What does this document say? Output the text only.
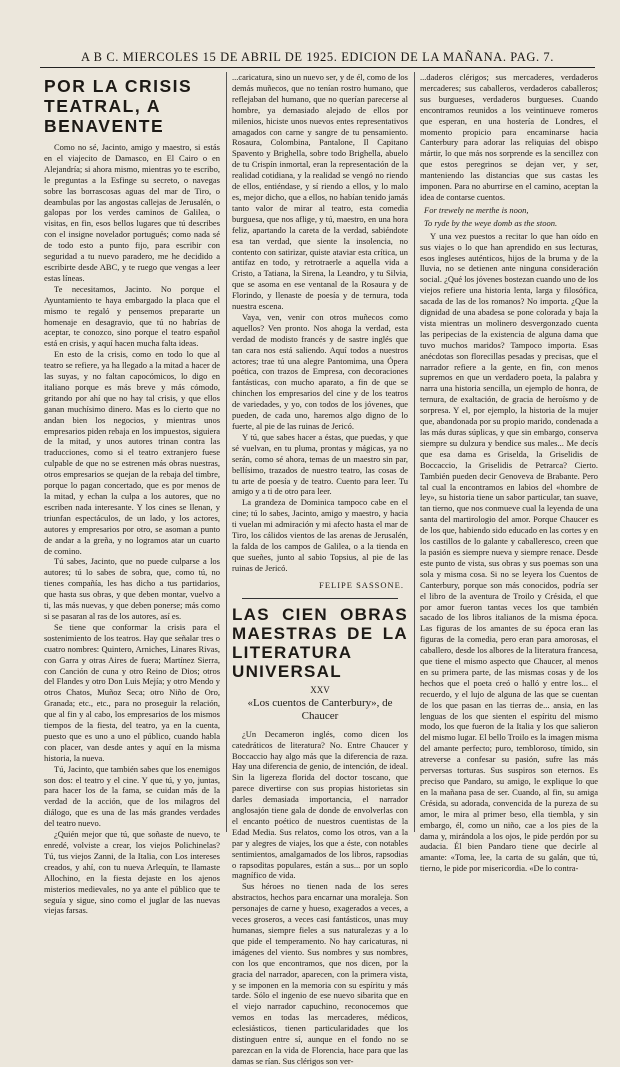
A B C. MIERCOLES 15 DE ABRIL DE 1925. EDICION DE LA MAÑANA. PAG. 7.
POR LA CRISIS TEATRAL, A BENAVENTE

Como no sé, Jacinto, amigo y maestro, si estás en el viajecito de Damasco, en El Cairo o en Alejandría; si ahora mismo, mientras yo te escribo, le preguntas a la Esfinge su secreto, o navegas sobre las borrascosas aguas del mar de Tiro, o deambulas por las angostas callejas de Jerusalén, o galopas por los verdes caminos de Galilea, o visitas, en fin, esos bellos lugares que tú describes con el insigne novelador portugués; como nada sé de todo esto a punto fijo, para escribir con seguridad a tu nuevo paradero, me he decidido a escribirte desde ABC, y te ruego que vengas a leer estas líneas.

Te necesitamos, Jacinto. No porque el Ayuntamiento te haya embargado la placa que el mismo te regaló y pensemos prepararte un homenaje en desagravio, que tú no habrías de aceptar, te conozco, sino porque el teatro español está en crisis, y aquí hacen mucha falta ideas.

En esto de la crisis, como en todo lo que al teatro se refiere, ya ha llegado a la mitad a hacer de las suyas, y no faltan capocómicos, lo digo en italiano porque es más breve y más cómodo, gritando por ahí que no hay tal crisis, y que ellos ganan muchísimo dinero. Mas es lo cierto que no andan bien los negocios, y mientras unos empresarios piden rebaja en los impuestos, siguiera de la mitad, y unos autores trinan contra las traducciones, como si el teatro extranjero fuese culpable de que no se estrenen más obras nuestras, otros empresarios se quejan de la rebaja del timbre, porque lo pagan concertado, que es por menos de la mitad, y echan la culpa a los autores, que no escriben nada interesante. Y los cines se llenan, y triunfan espectáculos, de un lado, y los actores, autores y empresarios por otro, se asoman a punto de andar a la greña, y no logramos atar un cuarto de comino.

Tú sabes, Jacinto, que no puede culparse a los autores; tú lo sabes de sobra, que, como tú, no tienes compañía, les has dicho a tus partidarios, que hasta sus obras, y que deben montar, vuelvo a ti, las más nuevas, y que deben ponerse; más como si se pasaran al ras de los autores, así es.

Se tiene que conformar la crisis para el sostenimiento de los teatros. Hay que señalar tres o cuatro nombres: Quintero, Arniches, Linares Rivas, con Garra y otras Aires de fuera; Martínez Sierra, con Canción de cuna y otro Reino de Dios; otros del Flandes y otro Don Luis Mejía; y otro Mendo y otros Chatos, Muñoz Seca; otro Niño de Oro, Granada; etc., etc., para no proseguir la relación, que al fin y al cabo, los empresarios de los mismos tiempos de la fiesta, del teatro, ya en la cuenta, puesto que es uno a uno el público, cuando habla con placer, van desde antes y aquí en la misma historia, la nueva.

Tú, Jacinto, que también sabes que los enemigos son dos: el teatro y el cine. Y que tú, y yo, juntas, para hacer los de la fama, se cuidan más de la verdad de la acción, que de los milagros del diálogo, que es una de las más grandes verdades del teatro nuevo.

¿Quién mejor que tú, que soñaste de nuevo, te enredé, volviste a crear, los viejos Polichinelas? Tú, tus viejos Zanni, de la Italia, con Los intereses creados, y ahí, con tu nueva Arlequín, te llamaste Allochino, en la fiesta dejaste en los ajenos misterios medievales, no ya ante el público que te seguía y sigue, sino como el juglar de las nuevas viejas farsas.

...caricatura, sino un nuevo ser, y de él, como de los demás muñecos, que no tenían rostro humano, que reflejaban del humano, que no querían parecerse al hombre, ya demasiado alejado de ellos por milenios, hiciste unos nuevos entes representativos amagados con carne y sangre de tu pensamiento. Rosaura, Colombina, Pantalone, Il Capitano Spavento y Brighella, sobre todo Brighella, abuelo de tu Crispín inmortal, eran la representación de la realidad cotidiana, y la realidad se vengó no riendo de ellos, entiéndase, y sí riendo a ellos, y lo malo es, mejor dicho, que a ellos, no habían tenido jamás tanto valor de mirar al teatro, esta comedia burguesa, que nos aflige, y tú, maestro, en una hora feliz, apartando la careta de la verdad, sabiéndote esa tan verdad, que siente la insolencia, no contento con satirizar, quiste ataviar esta crítica, un antifaz en todo, y retrotraerle a aquella vida a Cristo, a Tatiana, la Sirena, la Leandro, y tu Silvia, que se asoma en ese ventanal de la Rosaura y de Florindo, y llenaste de poesía y de ternura, toda nuestra escena.

Vaya, ven, venir con otros muñecos como aquellos? Ven pronto. Nos ahoga la verdad, esta verdad de modisto francés y de sastre inglés que tan cara nos está saliendo. Aquí todos a nuestros actores; trae tú una alegre Pantomima, una Ópera poética, con trazos de Empresa, con decoraciones fantásticas, con mucho aparato, a fin de que se chinchen los empresarios del cine y de los teatros de variedades, y yo, con todos de los jóvenes, que pueden, de cada uno, haremos algo digno de lo fuerte, al pie de las ruinas de Jericó.

Y tú, que sabes hacer a éstas, que puedas, y que sé vuelvan, en tu pluma, prontas y mágicas, ya no serán, como sé ahora, temas de un maestro sin par, bellísimo, trazados de nuestro teatro, las cosas de tu arte de poesía y de teatro. Cuento para leer. Tu amigo y a ti de otro para leer.

La grandeza de Dominica tampoco cabe en el cine; tú lo sabes, Jacinto, amigo y maestro, y hacia ti vuelan mi admiración y mi afecto hasta el mar de Tiro, los cálidos vientos de las arenas de Jerusalén, la falda de los campos de Galilea, o a la tienda en que sueñes, junto al sabio Topsius, al pie de las ruinas de Jericó.

FELIPE SASSONE.
LAS CIEN OBRAS MAESTRAS DE LA LITERATURA UNIVERSAL
XXV
«Los cuentos de Canterbury», de Chaucer

¿Un Decameron inglés, como dicen los catedráticos de literatura? No. Entre Chaucer y Boccaccio hay algo más que la diferencia de raza. Hay una diferencia de genio, de intención, de ideal. Sin la ligereza florida del doctor toscano, que parece divertirse con sus propias historietas sin darles demasiada importancia, el narrador anglosajón tiene gala de donde de envolverlas con el encanto poético de nuestros cuentistas de la Edad Media. Sus relatos, como los otros, van a la par y alegres de viajes, los que a éste, con notables sentimientos, amalgamados de los libros, rapsodias o rapsoditas populares, están a sus... por un soplo magnífico de vida.

Sus héroes no tienen nada de los seres abstractos, hechos para encarnar una moraleja. Son personajes de carne y hueso, exagerados a veces, a veces groseros, a veces casi fantásticos, unas muy humanas, siempre fieles a sus naturalezas y a lo que pide el temperamento. No hay caricaturas, ni imágenes del viento. Sus nombres y sus nombres, con los que encontramos, que nos dicen, por la gracia del narrador, aparecen, con la primera vista, y se imponen en la memoria con su espíritu y más tarde. Sólo el ingenio de ese nuevo sibarita que en el viejo narrador capuchino, reconocemos que vemos en todas las mercaderes, médicos, eclesiásticos, tienen particularidades que los distinguen entre sí, aunque en el fondo no se parezcan en la vida de Florencia, hace para que las damas se rían. Sus clérigos son ver-

...daderos clérigos; sus mercaderes, verdaderos mercaderes; sus caballeros, verdaderos caballeros; sus burgueses, verdaderos burgueses. Cuando encontramos reunidos a los veintinueve romeros que esperan, en una hostería de Londres, el momento propicio para encaminarse hacia Canterbury para adorar las reliquias del obispo mártir, lo que más nos sorprende es la sencillez con que estos peregrinos se dejan ver, y ser, manteniendo las distancias que sus castas les imponen. Para no aburrirse en el camino, aceptan la idea de contarse cuentos.

For trewely ne merthe is noon,
To ryde by the weye domb as the stoon.

Y una vez puestos a recitar lo que han oído en sus viajes o lo que han aprendido en sus lecturas, esos ingleses auténticos, hijos de la bruma y de la lluvia, no se detienen ante ninguna consideración social. ¿Qué los jóvenes bostezan cuando uno de los viejos refiere una historia lenta, larga y filosófica, sacada de las de los romanos? No importa. ¿Que la dignidad de una abadesa se pone colorada y baja la vista mientras un molinero desvergonzado cuenta las peripecias de la existencia de alguna dama que tuvo muchos maridos? Tampoco importa. Esas anécdotas son florecillas pesadas y precisas, que el narrador refiere a la gente, en fin, con menos supremos en que un verdadero poeta, la palabra y narra una historia sencilla, un ejemplo de honra, de ternura, de exaltación, de gracia de heroísmo y de sorpresa. Y el, por ejemplo, la historia de la mujer que, abandonada por su propio marido, condenada a las más duras súplicas, y que sin embargo, conserva siempre su dulzura y bendice sus males... Me decís que esa dama es Griselda, la Griselidis de Boccaccio, la Griselidis de Petrarca? Cierto. También pueden decir Genoveva de Brabante. Pero tal cual la encontramos en labios del «hombre de ley», su historia tiene un sabor particular, tan suave, tan tierno, que nos conmueve cual la leyenda de una santa del martirologio del amor. Porque Chaucer es de los que, habiendo sido educado en las cortes y en los castillos de lo galante y caballeresco, creen que la pasión es siempre nueva y siempre renace. Desde este punto de vista, sus obras y sus poemas son una sola y misma cosa. Si no se leyera los Cuentos de Canterbury, porque son más conocidos, podría ser el libro de la aventura de Troilo y Crésida, el que por amor fueron tantas veces los que también sacado de los libros italianos de la misma época. Las figuras de los amantes de su época eran las figuras de la comedia, pero eran para amorosas, el caballero, desde los albores de la literatura francesa, que tiene el mismo aspecto que Chaucer, al menos en su primera parte, de las mismas cosas y de los hechos que el poeta creó o halló y entre los... el recuerdo, y el lujo de alguna de las que se cuentan de los que pasan en las tierras de... ansia, en las lenguas de los que sienten el espíritu del mismo modo, los que fueron de la Italia y los que salieron del mismo lugar. El bello Troilo es la imagen misma del amante perfecto; puro, tembloroso, tímido, sin atreverse a confesar su pasión, sufre las más perversas torturas. Sus suspiros son eternos. Es preciso que Pandaro, su amigo, le explique lo que en la mañana pasa de ser. Cuando, al fin, su amiga Crésida, su adorada, convencida de la pureza de su amor, le mira al primer beso, ella tiembla, y sin embargo, él, como un niño, cae a los pies de la dama y, mirándola a los ojos, le pide perdón por su audacia. Él bien Pandaro tiene que decirle al amante: «Toma, lee, la carta de su galán, que tú, tierno, le pide por misericordia. «De lo contra-
